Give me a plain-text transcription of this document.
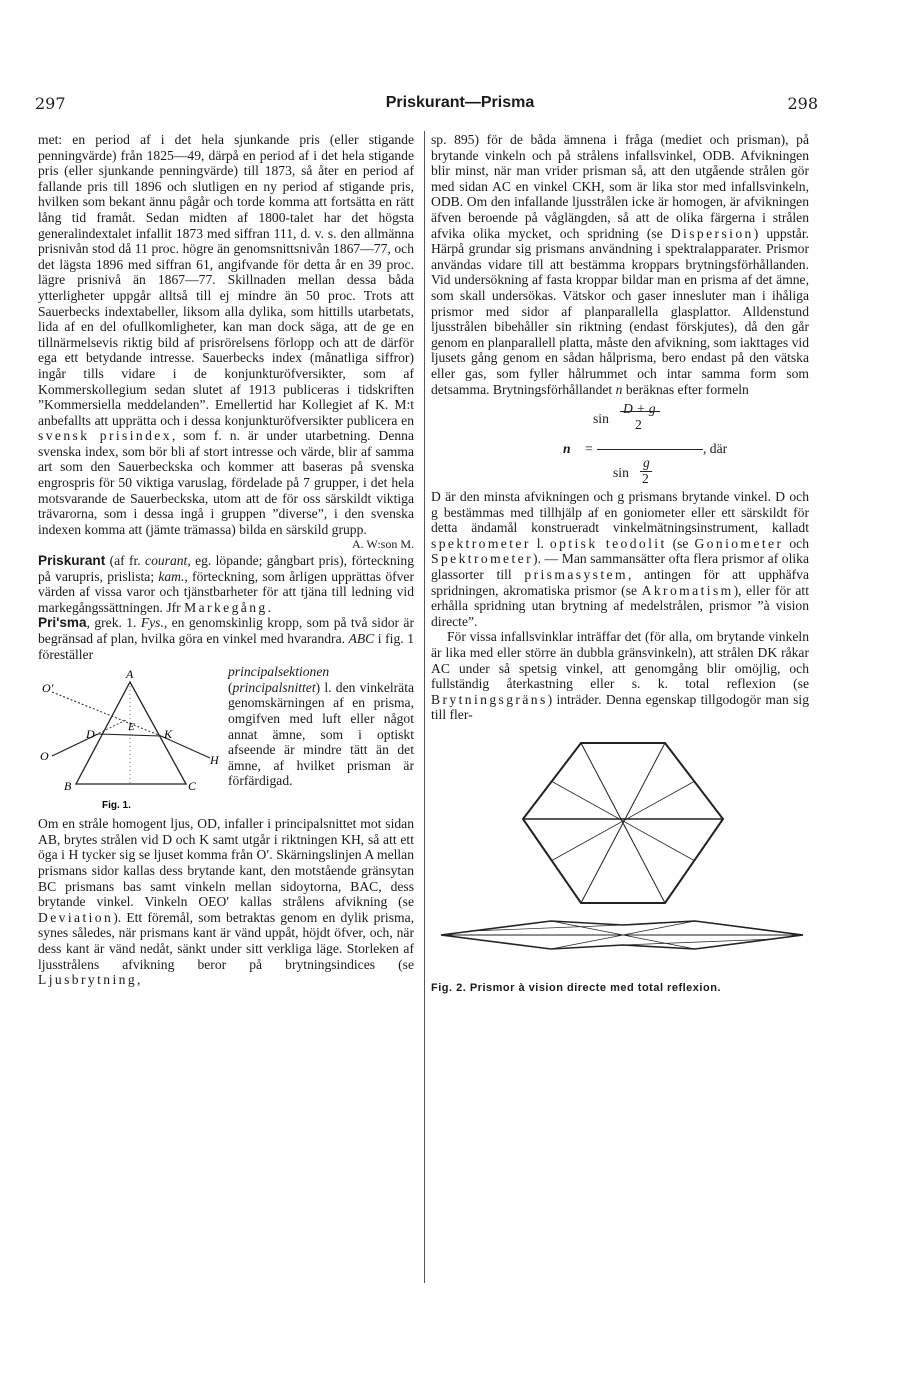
297	Priskurant—Prisma	298

met: en period af i det hela sjunkande pris (eller stigande penningvärde) från 1825—49, därpå en period af i det hela stigande pris (eller sjunkande penningvärde) till 1873, så åter en period af fallande pris till 1896 och slutligen en ny period af stigande pris, hvilken som bekant ännu pågår och torde komma att fortsätta en rätt lång tid framåt. Sedan midten af 1800-talet har det högsta generalindextalet infallit 1873 med siffran 111, d. v. s. den allmänna prisnivån stod då 11 proc. högre än genomsnittsnivån 1867—77, och det lägsta 1896 med siffran 61, angifvande för detta år en 39 proc. lägre prisnivå än 1867—77. Skillnaden mellan dessa båda ytterligheter uppgår alltså till ej mindre än 50 proc. Trots att Sauerbecks indextabeller, liksom alla dylika, som hittills utarbetats, lida af en del ofullkomligheter, kan man dock säga, att de ge en tillnärmelsevis riktig bild af prisrörelsens förlopp och att de därför ega ett betydande intresse. Sauerbecks index (månatliga siffror) ingår tills vidare i de konjunkturöfversikter, som af Kommerskollegium sedan slutet af 1913 publiceras i tidskriften ”Kommersiella meddelanden”. Emellertid har Kollegiet af K. M:t anbefallts att upprätta och i dessa konjunkturöfversikter publicera en svensk prisindex, som f. n. är under utarbetning. Denna svenska index, som bör bli af stort intresse och värde, blir af samma art som den Sauerbeckska och kommer att baseras på svenska engrospris för 50 viktiga varuslag, fördelade på 7 grupper, i det hela motsvarande de Sauerbeckska, utom att de för oss särskildt viktiga trävarorna, som i dessa ingå i gruppen ”diverse”, i den svenska indexen komma att (jämte trämassa) bilda en särskild grupp.
A. W:son M.

Priskurant (af fr. courant, eg. löpande; gångbart pris), förteckning på varupris, prislista; kam., förteckning, som årligen upprättas öfver värden af vissa varor och tjänstbarheter för att tjäna till ledning vid markegångssättningen. Jfr Markegång.

Pri'sma, grek. 1. Fys., en genomskinlig kropp, som på två sidor är begränsad af plan, hvilka göra en vinkel med hvarandra. ABC i fig. 1 föreställer

O'
A
E
D	K
O	H
B	C
Fig. 1.
principalsektionen (principalsnittet) l. den vinkelräta genomskärningen af en prisma, omgifven med luft eller något annat ämne, som i optiskt afseende är mindre tätt än det ämne, af hvilket prisman är förfärdigad.

Om en stråle homogent ljus, OD, infaller i principalsnittet mot sidan AB, brytes strålen vid D och K samt utgår i riktningen KH, så att ett öga i H tycker sig se ljuset komma från O′. Skärningslinjen A mellan prismans sidor kallas dess brytande kant, den motstående gränsytan BC prismans bas samt vinkeln mellan sidoytorna, BAC, dess brytande vinkel. Vinkeln OEO′ kallas strålens afvikning (se Deviation). Ett föremål, som betraktas genom en dylik prisma, synes således, när prismans kant är vänd uppåt, höjdt öfver, och, när dess kant är vänd nedåt, sänkt under sitt verkliga läge. Storleken af ljusstrålens afvikning beror på brytningsindices (se Ljusbrytning,

sp. 895) för de båda ämnena i fråga (mediet och prisman), på brytande vinkeln och på strålens infallsvinkel, ODB. Afvikningen blir minst, när man vrider prisman så, att den utgående strålen gör med sidan AC en vinkel CKH, som är lika stor med infallsvinkeln, ODB. Om den infallande ljusstrålen icke är homogen, är afvikningen äfven beroende på våglängden, så att de olika färgerna i strålen afvika olika mycket, och spridning (se Dispersion) uppstår. Härpå grundar sig prismans användning i spektralapparater. Prismor användas vidare till att bestämma kroppars brytningsförhållanden. Vid undersökning af fasta kroppar bildar man en prisma af det ämne, som skall undersökas. Vätskor och gaser innesluter man i ihåliga prismor med sidor af planparallella glasplattor. Alldenstund ljusstrålen bibehåller sin riktning (endast förskjutes), då den går genom en planparallell platta, måste den afvikning, som iakttages vid ljusets gång genom en sådan hålprisma, bero endast på den vätska eller gas, som fyller hålrummet och intar samma form som detsamma. Brytningsförhållandet n beräknas efter formeln

sin
D + g
2
n =	, där
sin
g
2

D är den minsta afvikningen och g prismans brytande vinkel. D och g bestämmas med tillhjälp af en goniometer eller ett särskildt för detta ändamål konstrueradt vinkelmätningsinstrument, kalladt spektrometer l. optisk teodolit (se Goniometer och Spektrometer). — Man sammansätter ofta flera prismor af olika glassorter till prismasystem, antingen för att upphäfva spridningen, akromatiska prismor (se Akromatism), eller för att erhålla spridning utan brytning af medelstrålen, prismor ”à vision directe”.

För vissa infallsvinklar inträffar det (för alla, om brytande vinkeln är lika med eller större än dubbla gränsvinkeln), att strålen DK råkar AC under så spetsig vinkel, att genomgång blir omöjlig, och fullständig återkastning eller s. k. total reflexion (se Brytningsgräns) inträder. Denna egenskap tillgodogör man sig till fler-

Fig. 2. Prismor à vision directe med total reflexion.
